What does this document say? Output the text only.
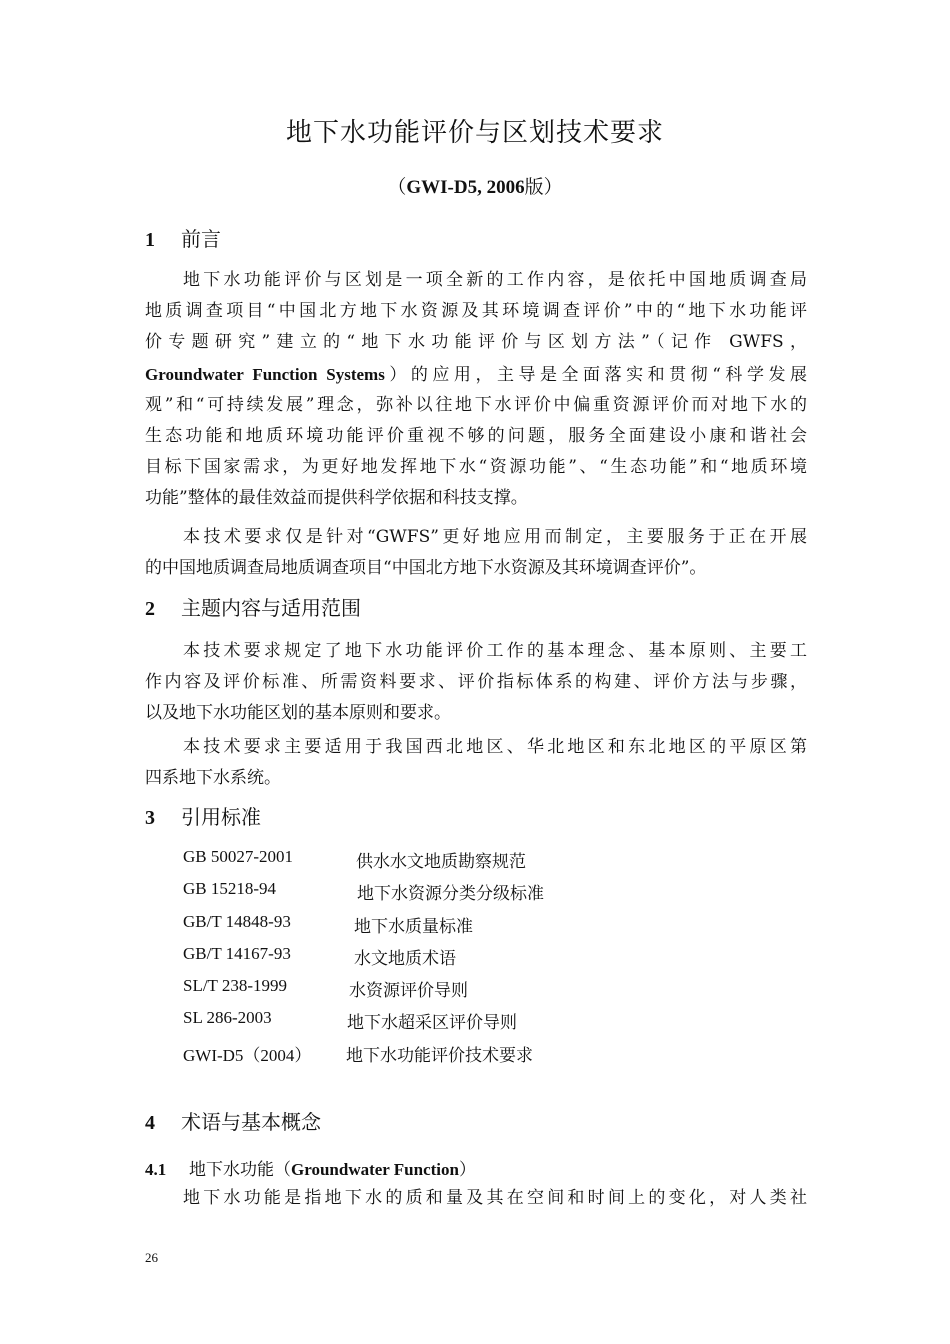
地下水功能评价与区划技术要求
（GWI-D5, 2006版）
1 前言
地下水功能评价与区划是一项全新的工作内容，是依托中国地质调查局
地质调查项目“中国北方地下水资源及其环境调查评价”中的“地下水功能评
价专题研究”建立的“地下水功能评价与区划方法”（记作 GWFS，
Groundwater Function Systems）的应用，主导是全面落实和贯彻“科学发展
观”和“可持续发展”理念，弥补以往地下水评价中偏重资源评价而对地下水的
生态功能和地质环境功能评价重视不够的问题，服务全面建设小康和谐社会
目标下国家需求，为更好地发挥地下水“资源功能”、“生态功能”和“地质环境
功能”整体的最佳效益而提供科学依据和科技支撑。
本技术要求仅是针对“GWFS”更好地应用而制定，主要服务于正在开展
的中国地质调查局地质调查项目“中国北方地下水资源及其环境调查评价”。
2 主题内容与适用范围
本技术要求规定了地下水功能评价工作的基本理念、基本原则、主要工
作内容及评价标准、所需资料要求、评价指标体系的构建、评价方法与步骤，
以及地下水功能区划的基本原则和要求。
本技术要求主要适用于我国西北地区、华北地区和东北地区的平原区第
四系地下水系统。
3 引用标准
GB 50027-2001	供水水文地质勘察规范
GB 15218-94	地下水资源分类分级标准
GB/T 14848-93	地下水质量标准
GB/T 14167-93	水文地质术语
SL/T 238-1999	水资源评价导则
SL 286-2003	地下水超采区评价导则
GWI-D5（2004） 地下水功能评价技术要求
4 术语与基本概念
4.1 地下水功能（Groundwater Function）
地下水功能是指地下水的质和量及其在空间和时间上的变化，对人类社
26
